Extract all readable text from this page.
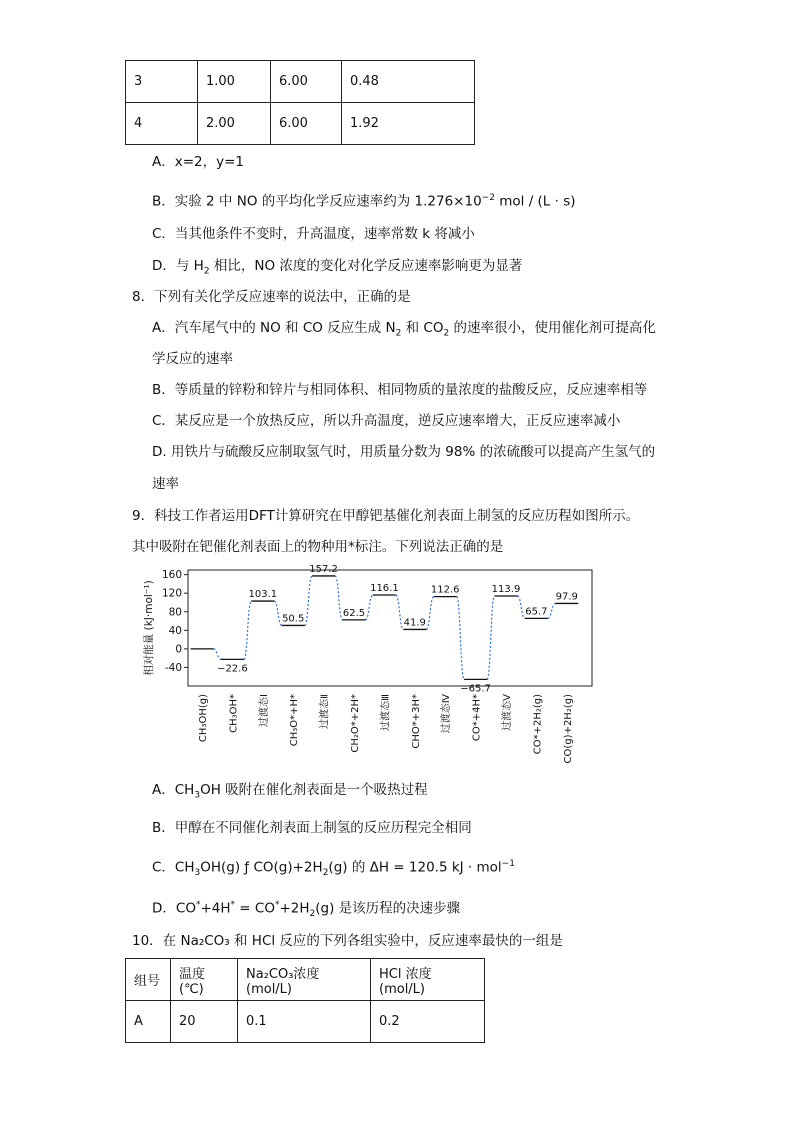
3	1.00	6.00	0.48
4	2.00	6.00	1.92
A．x=2，y=1
B．实验 2 中 NO 的平均化学反应速率约为 $1.276\times 10^{-2}$ mol / (L · s)
C．当其他条件不变时，升高温度，速率常数 k 将减小
D．与 $H_2$ 相比，NO 浓度的变化对化学反应速率影响更为显著
8．下列有关化学反应速率的说法中，正确的是
A．汽车尾气中的 NO 和 CO 反应生成 $N_2$ 和 $CO_2$ 的速率很小，使用催化剂可提高化
学反应的速率
B．等质量的锌粉和锌片与相同体积、相同物质的量浓度的盐酸反应，反应速率相等
C．某反应是一个放热反应，所以升高温度，逆反应速率增大，正反应速率减小
D. 用铁片与硫酸反应制取氢气时，用质量分数为 98% 的浓硫酸可以提高产生氢气的
速率
9．科技工作者运用DFT计算研究在甲醇钯基催化剂表面上制氢的反应历程如图所示。
其中吸附在钯催化剂表面上的物种用*标注。下列说法正确的是
160
120
80
40
0
-40
相对能量 (kJ·mol⁻¹)	−22.6
103.1
50.5
157.2
62.5
116.1
41.9
112.6
−65.7
113.9
65.7
97.9
CH₃OH(g) CH₃OH* 过渡态Ⅰ CH₃O*+H* 过渡态Ⅱ CH₂O*+2H* 过渡态Ⅲ CHO*+3H* 过渡态Ⅳ CO*+4H* 过渡态Ⅴ CO*+2H₂(g) CO(g)+2H₂(g)
A．$CH_3OH$ 吸附在催化剂表面是一个吸热过程
B．甲醇在不同催化剂表面上制氢的反应历程完全相同
C．$CH_3OH(g)$ ƒ $CO(g)+2H_2(g)$ 的 ΔH = 120.5 kJ · mol$^{-1}$
D．$CO^*+4H^* = CO^*+2H_2(g)$ 是该历程的决速步骤
10．在 Na₂CO₃ 和 HCl 反应的下列各组实验中，反应速率最快的一组是
组号	温度(℃)	Na₂CO₃浓度(mol/L)	HCl 浓度(mol/L)
A	20	0.1	0.2
